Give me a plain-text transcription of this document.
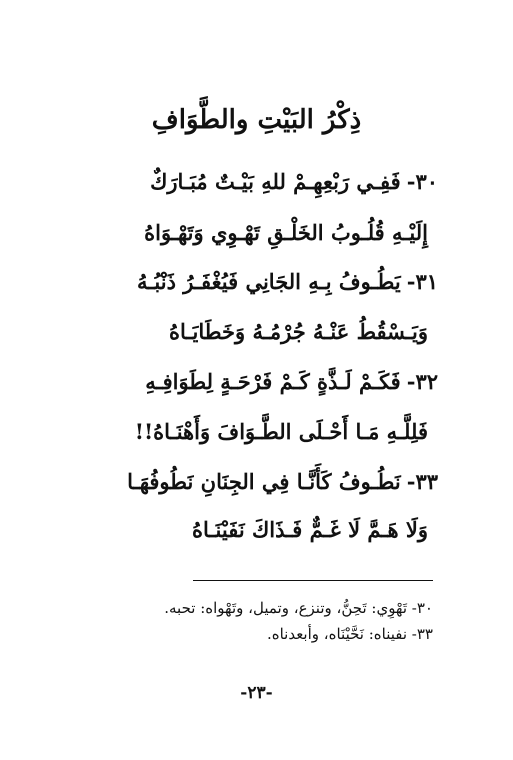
ذِكْرُ البَيْتِ والطَّوَافِ
٣٠-فَفِـي رَبْعِهِـمْ للهِ بَيْـتٌ مُبَـارَكٌ
إِلَيْـهِ قُلُـوبُ الخَلْـقِ تَهْـوِي وَتَهْـوَاهُ
٣١-يَطُـوفُ بِـهِ الجَانِي فَيُغْفَـرُ ذَنْبُـهُ
وَيَـسْقُطُ عَنْـهُ جُرْمُـهُ وَخَطَايَـاهُ
٣٢-فَكَـمْ لَـذَّةٍ كَـمْ فَرْحَـةٍ لِطَوَافِـهِ
فَلِلَّـهِ مَـا أَحْـلَى الطَّـوَافَ وَأَهْنَـاهُ!!
٣٣-نَطُـوفُ كَأَنَّـا فِي الجِنَانِ نَطُوفُهَـا
وَلَا هَـمَّ لَا غَـمٌّ فَـذَاكَ نَفَيْنَـاهُ
٣٠- تَهْوِي: تَحِنُّ، وتنزع، وتميل، وتَهْواه: تحبه.
٣٣- نفيناه: نَحَّيْنَاه، وأبعدناه.
-٢٣-
